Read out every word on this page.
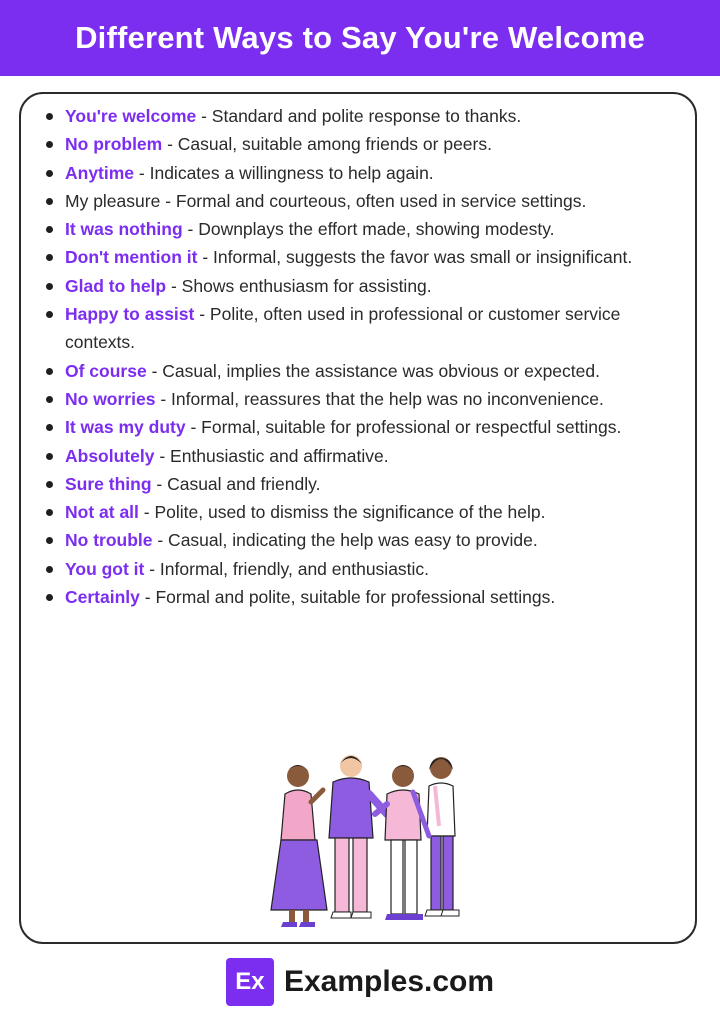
Different Ways to Say You're Welcome
You're welcome - Standard and polite response to thanks.
No problem - Casual, suitable among friends or peers.
Anytime - Indicates a willingness to help again.
My pleasure - Formal and courteous, often used in service settings.
It was nothing - Downplays the effort made, showing modesty.
Don't mention it - Informal, suggests the favor was small or insignificant.
Glad to help - Shows enthusiasm for assisting.
Happy to assist - Polite, often used in professional or customer service contexts.
Of course - Casual, implies the assistance was obvious or expected.
No worries - Informal, reassures that the help was no inconvenience.
It was my duty - Formal, suitable for professional or respectful settings.
Absolutely - Enthusiastic and affirmative.
Sure thing - Casual and friendly.
Not at all - Polite, used to dismiss the significance of the help.
No trouble - Casual, indicating the help was easy to provide.
You got it - Informal, friendly, and enthusiastic.
Certainly - Formal and polite, suitable for professional settings.
Ex Examples.com
